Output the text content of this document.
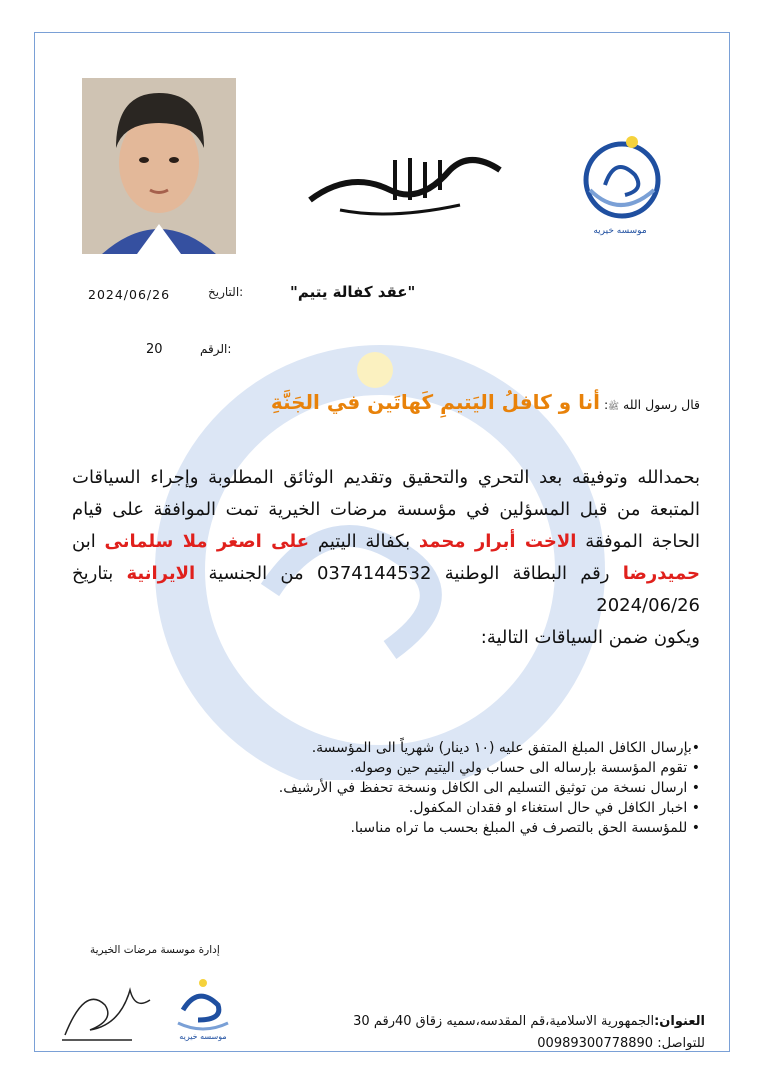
موسسه خيريه
"عقد كفالة يتيم"
التاريخ:
2024/06/26
الرقم:
20
قال رسول الله ﷺ: أنا و كافلُ اليَتيمِ كَهاتَين في الجَنَّةِ
بحمدالله وتوفيقه بعد التحري والتحقيق وتقديم الوثائق المطلوبة وإجراء السياقات المتبعة من قبل المسؤلين في مؤسسة مرضات الخيرية تمت الموافقة على قيام الحاجة الموفقة الاخت أبرار محمد بكفالة اليتيم على اصغر ملا سلمانی ابن حميدرضا رقم البطاقة الوطنية 0374144532 من الجنسية الايرانية بتاريخ 2024/06/26
ويكون ضمن السياقات التالية:
•بإرسال الكافل المبلغ المتفق عليه (١٠ دينار) شهرياً الى المؤسسة.
• تقوم المؤسسة بإرساله الى حساب ولي اليتيم حين وصوله.
• ارسال نسخة من توثيق التسليم الى الكافل ونسخة تحفظ في الأرشيف.
• اخبار الكافل في حال استغناء او فقدان المكفول.
• للمؤسسة الحق بالتصرف في المبلغ بحسب ما تراه مناسبا.
إدارة موسسة مرضات الخيرية
موسسه خيريه
العنوان:الجمهورية الاسلامية،قم المقدسه،سميه زقاق 40رقم 30
للتواصل: 00989300778890
